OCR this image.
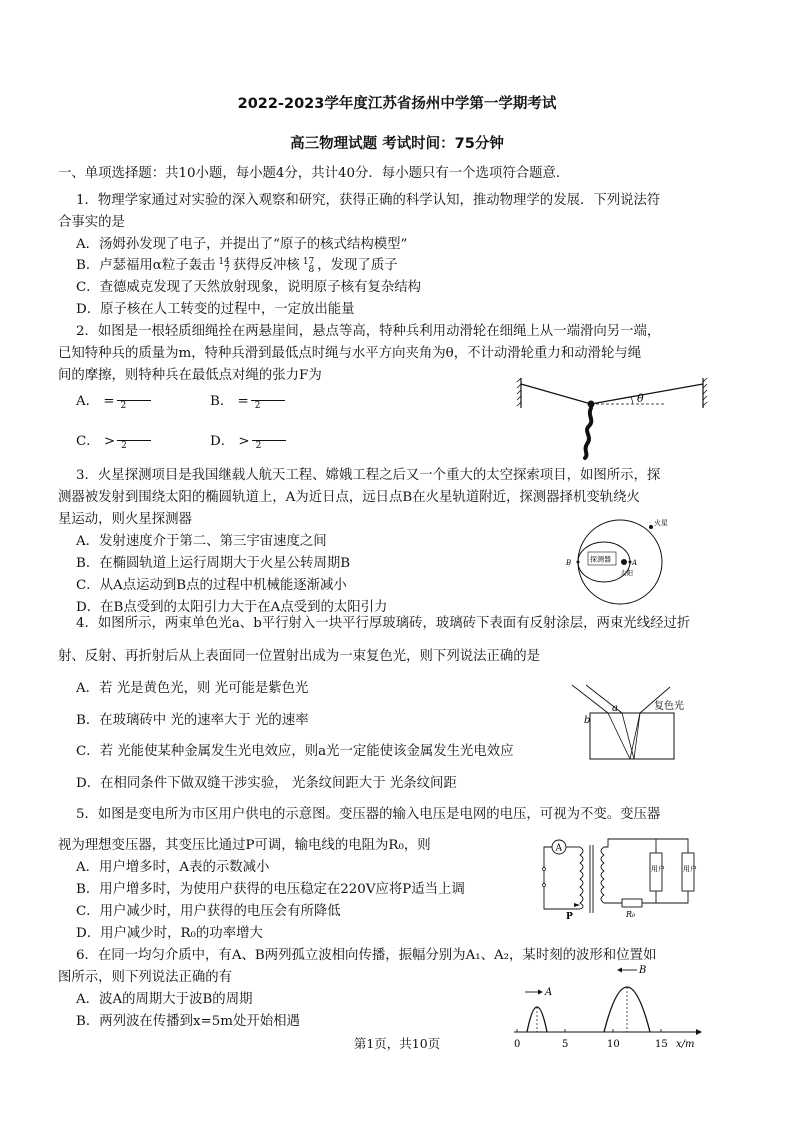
2022-2023学年度江苏省扬州中学第一学期考试
高三物理试题 考试时间：75分钟
一、单项选择题：共10小题，每小题4分，共计40分．每小题只有一个选项符合题意．
1．物理学家通过对实验的深入观察和研究，获得正确的科学认知，推动物理学的发展．下列说法符
合事实的是
A．汤姆孙发现了电子，并提出了“原子的核式结构模型”
B．卢瑟福用α粒子轰击 14
7 获得反冲核 17
8 ，发现了质子
C．查德威克发现了天然放射现象，说明原子核有复杂结构
D．原子核在人工转变的过程中，一定放出能量
2．如图是一根轻质细绳拴在两悬崖间，悬点等高，特种兵利用动滑轮在细绳上从一端滑向另一端，
已知特种兵的质量为m，特种兵滑到最低点时绳与水平方向夹角为θ，不计动滑轮重力和动滑轮与绳
间的摩擦，则特种兵在最低点对绳的张力F为
A． = 2	B． = 2
C． > 2	D． > 2
θ
3．火星探测项目是我国继载人航天工程、嫦娥工程之后又一个重大的太空探索项目，如图所示，探
测器被发射到围绕太阳的椭圆轨道上，A为近日点，远日点B在火星轨道附近，探测器择机变轨绕火
星运动，则火星探测器
A．发射速度介于第二、第三宇宙速度之间
B．在椭圆轨道上运行周期大于火星公转周期B
C．从A点运动到B点的过程中机械能逐渐减小
D．在B点受到的太阳引力大于在A点受到的太阳引力
火星
探测器
太阳
A
B
4．如图所示，两束单色光a、b平行射入一块平行厚玻璃砖，玻璃砖下表面有反射涂层，两束光线经过折
射、反射、再折射后从上表面同一位置射出成为一束复色光，则下列说法正确的是
A．若 光是黄色光，则 光可能是紫色光
B．在玻璃砖中 光的速率大于 光的速率
C．若 光能使某种金属发生光电效应，则a光一定能使该金属发生光电效应
D．在相同条件下做双缝干涉实验， 光条纹间距大于 光条纹间距
b
a	复色光
5．如图是变电所为市区用户供电的示意图。变压器的输入电压是电网的电压，可视为不变。变压器
视为理想变压器，其变压比通过P可调，输电线的电阻为R₀，则
A．用户增多时，A表的示数减小
B．用户增多时，为使用户获得的电压稳定在220V应将P适当上调
C．用户减少时，用户获得的电压会有所降低
D．用户减少时，R₀的功率增大
A
用户	用户
R₀
P
6．在同一均匀介质中，有A、B两列孤立波相向传播，振幅分别为A₁、A₂，某时刻的波形和位置如
图所示，则下列说法正确的有
A．波A的周期大于波B的周期
B．两列波在传播到x=5m处开始相遇
A
B
0	5	10	15 x/m
第1页，共10页
